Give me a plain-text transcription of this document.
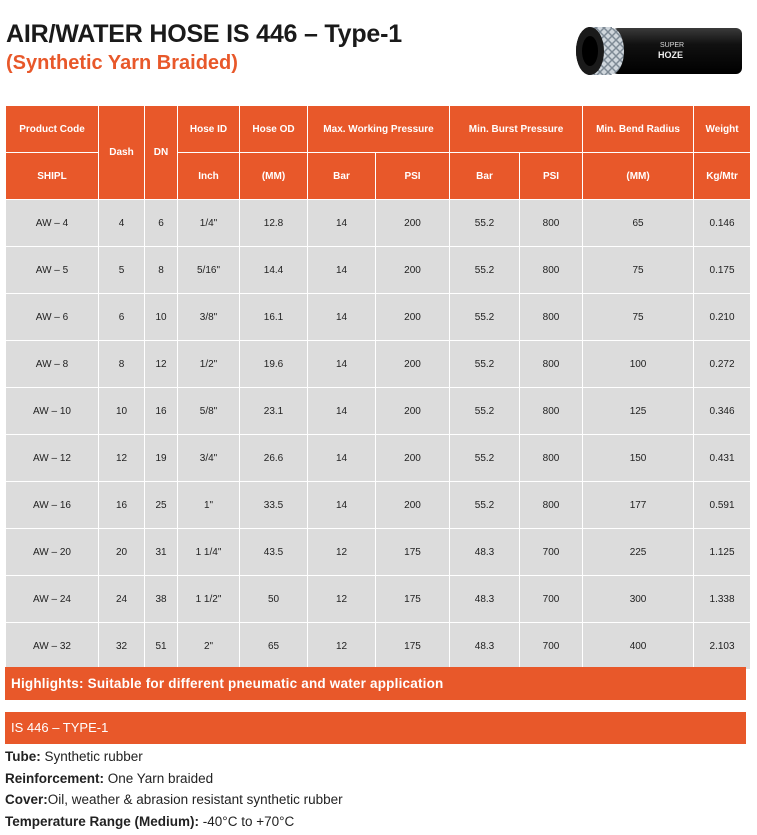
AIR/WATER HOSE IS 446 – Type-1
(Synthetic Yarn Braided)
SUPER
HOZE
Product Code	Dash	DN	Hose ID	Hose OD	Max. Working Pressure		Min. Burst Pressure		Min. Bend Radius	Weight
SHIPL			Inch	(MM)	Bar	PSI	Bar	PSI	(MM)	Kg/Mtr
AW – 4	4	6	1/4"	12.8	14	200	55.2	800	65	0.146
AW – 5	5	8	5/16"	14.4	14	200	55.2	800	75	0.175
AW – 6	6	10	3/8"	16.1	14	200	55.2	800	75	0.210
AW – 8	8	12	1/2"	19.6	14	200	55.2	800	100	0.272
AW – 10	10	16	5/8"	23.1	14	200	55.2	800	125	0.346
AW – 12	12	19	3/4"	26.6	14	200	55.2	800	150	0.431
AW – 16	16	25	1"	33.5	14	200	55.2	800	177	0.591
AW – 20	20	31	1 1/4"	43.5	12	175	48.3	700	225	1.125
AW – 24	24	38	1 1/2"	50	12	175	48.3	700	300	1.338
AW – 32	32	51	2"	65	12	175	48.3	700	400	2.103
Highlights: Suitable for different pneumatic and water application
IS 446 – TYPE-1
Tube: Synthetic rubber
Reinforcement: One Yarn braided
Cover:Oil, weather & abrasion resistant synthetic rubber
Temperature Range (Medium): -40°C to +70°C
